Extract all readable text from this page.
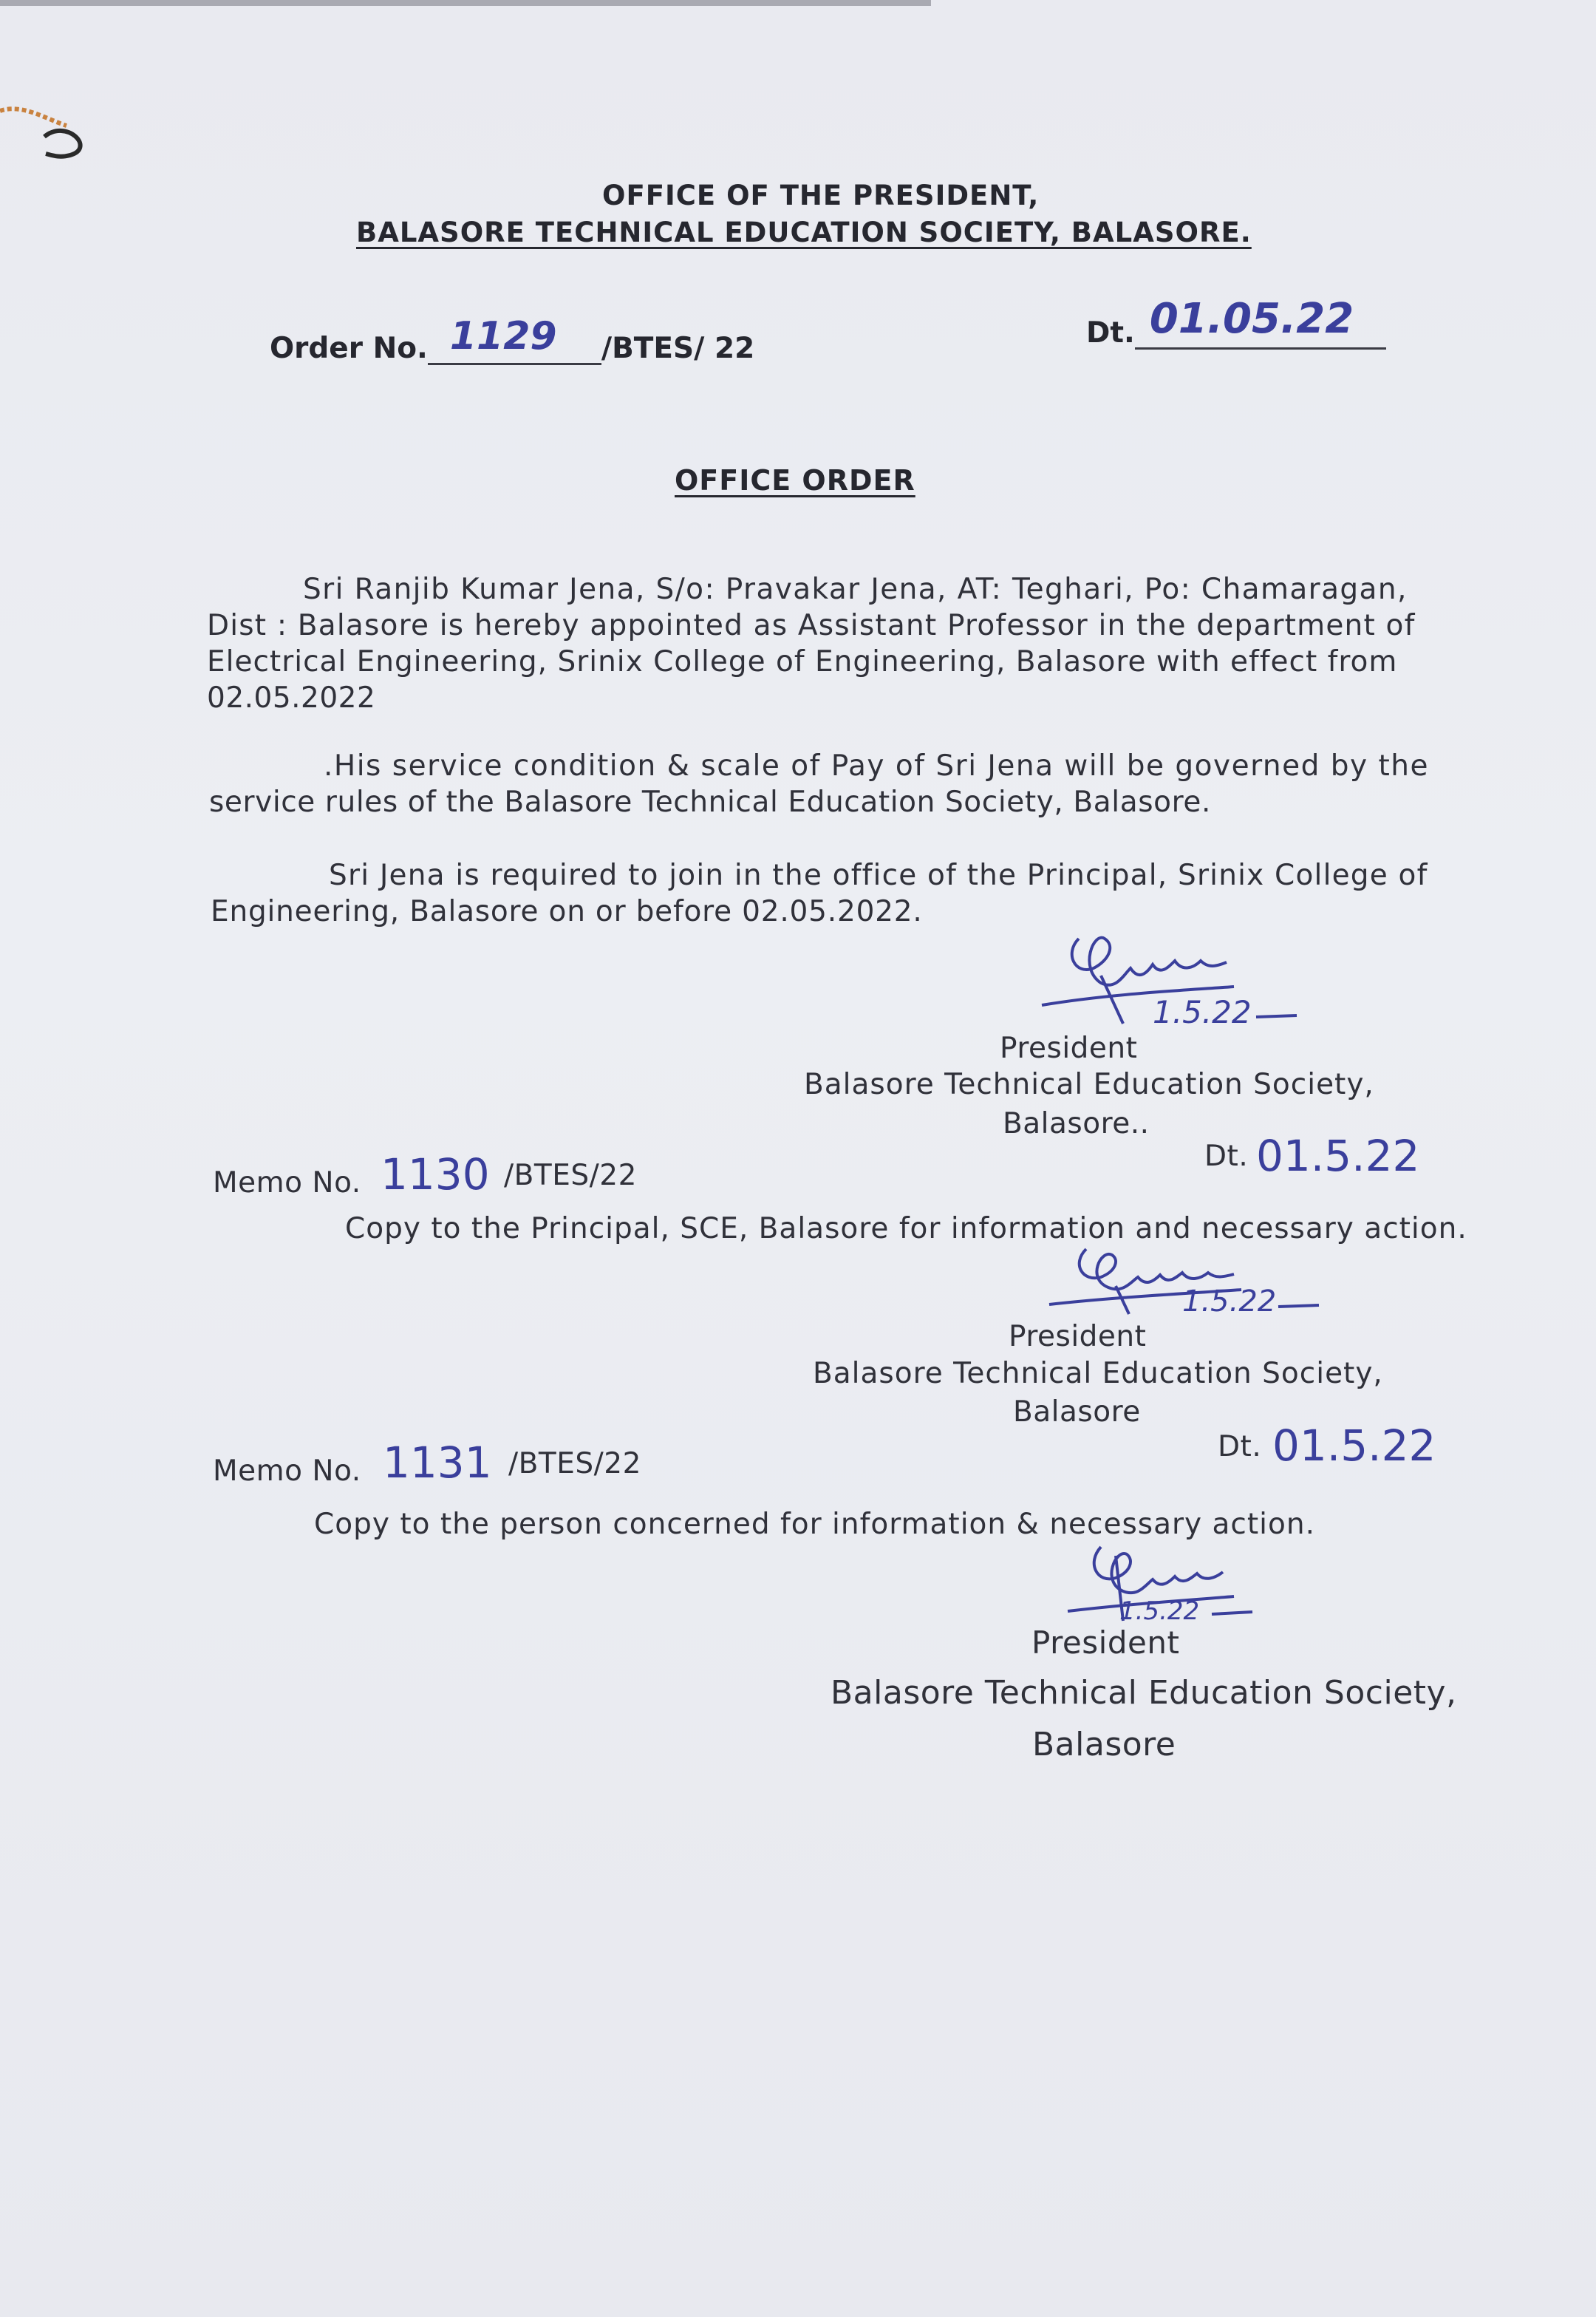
OFFICE OF THE PRESIDENT,
BALASORE TECHNICAL EDUCATION SOCIETY, BALASORE.
Order No. 1129 /BTES/ 22	Dt. 01.05.22
OFFICE ORDER
Sri Ranjib Kumar Jena, S/o: Pravakar Jena, AT: Teghari, Po: Chamaragan,
Dist : Balasore is hereby appointed as Assistant Professor in the department of
Electrical Engineering, Srinix College of Engineering, Balasore with effect from
02.05.2022
.His service condition & scale of Pay of Sri Jena will be governed by the
service rules of the Balasore Technical Education Society, Balasore.
Sri Jena is required to join in the office of the Principal, Srinix College of
Engineering, Balasore on or before 02.05.2022.
1.5.22
President
Balasore Technical Education Society,
Balasore..
Memo No. 1130 /BTES/22
Dt. 01.5.22
Copy to the Principal, SCE, Balasore for information and necessary action.
1.5.22
President
Balasore Technical Education Society,
Balasore
Memo No. 1131 /BTES/22
Dt. 01.5.22
Copy to the person concerned for information & necessary action.
1.5.22
President
Balasore Technical Education Society,
Balasore
